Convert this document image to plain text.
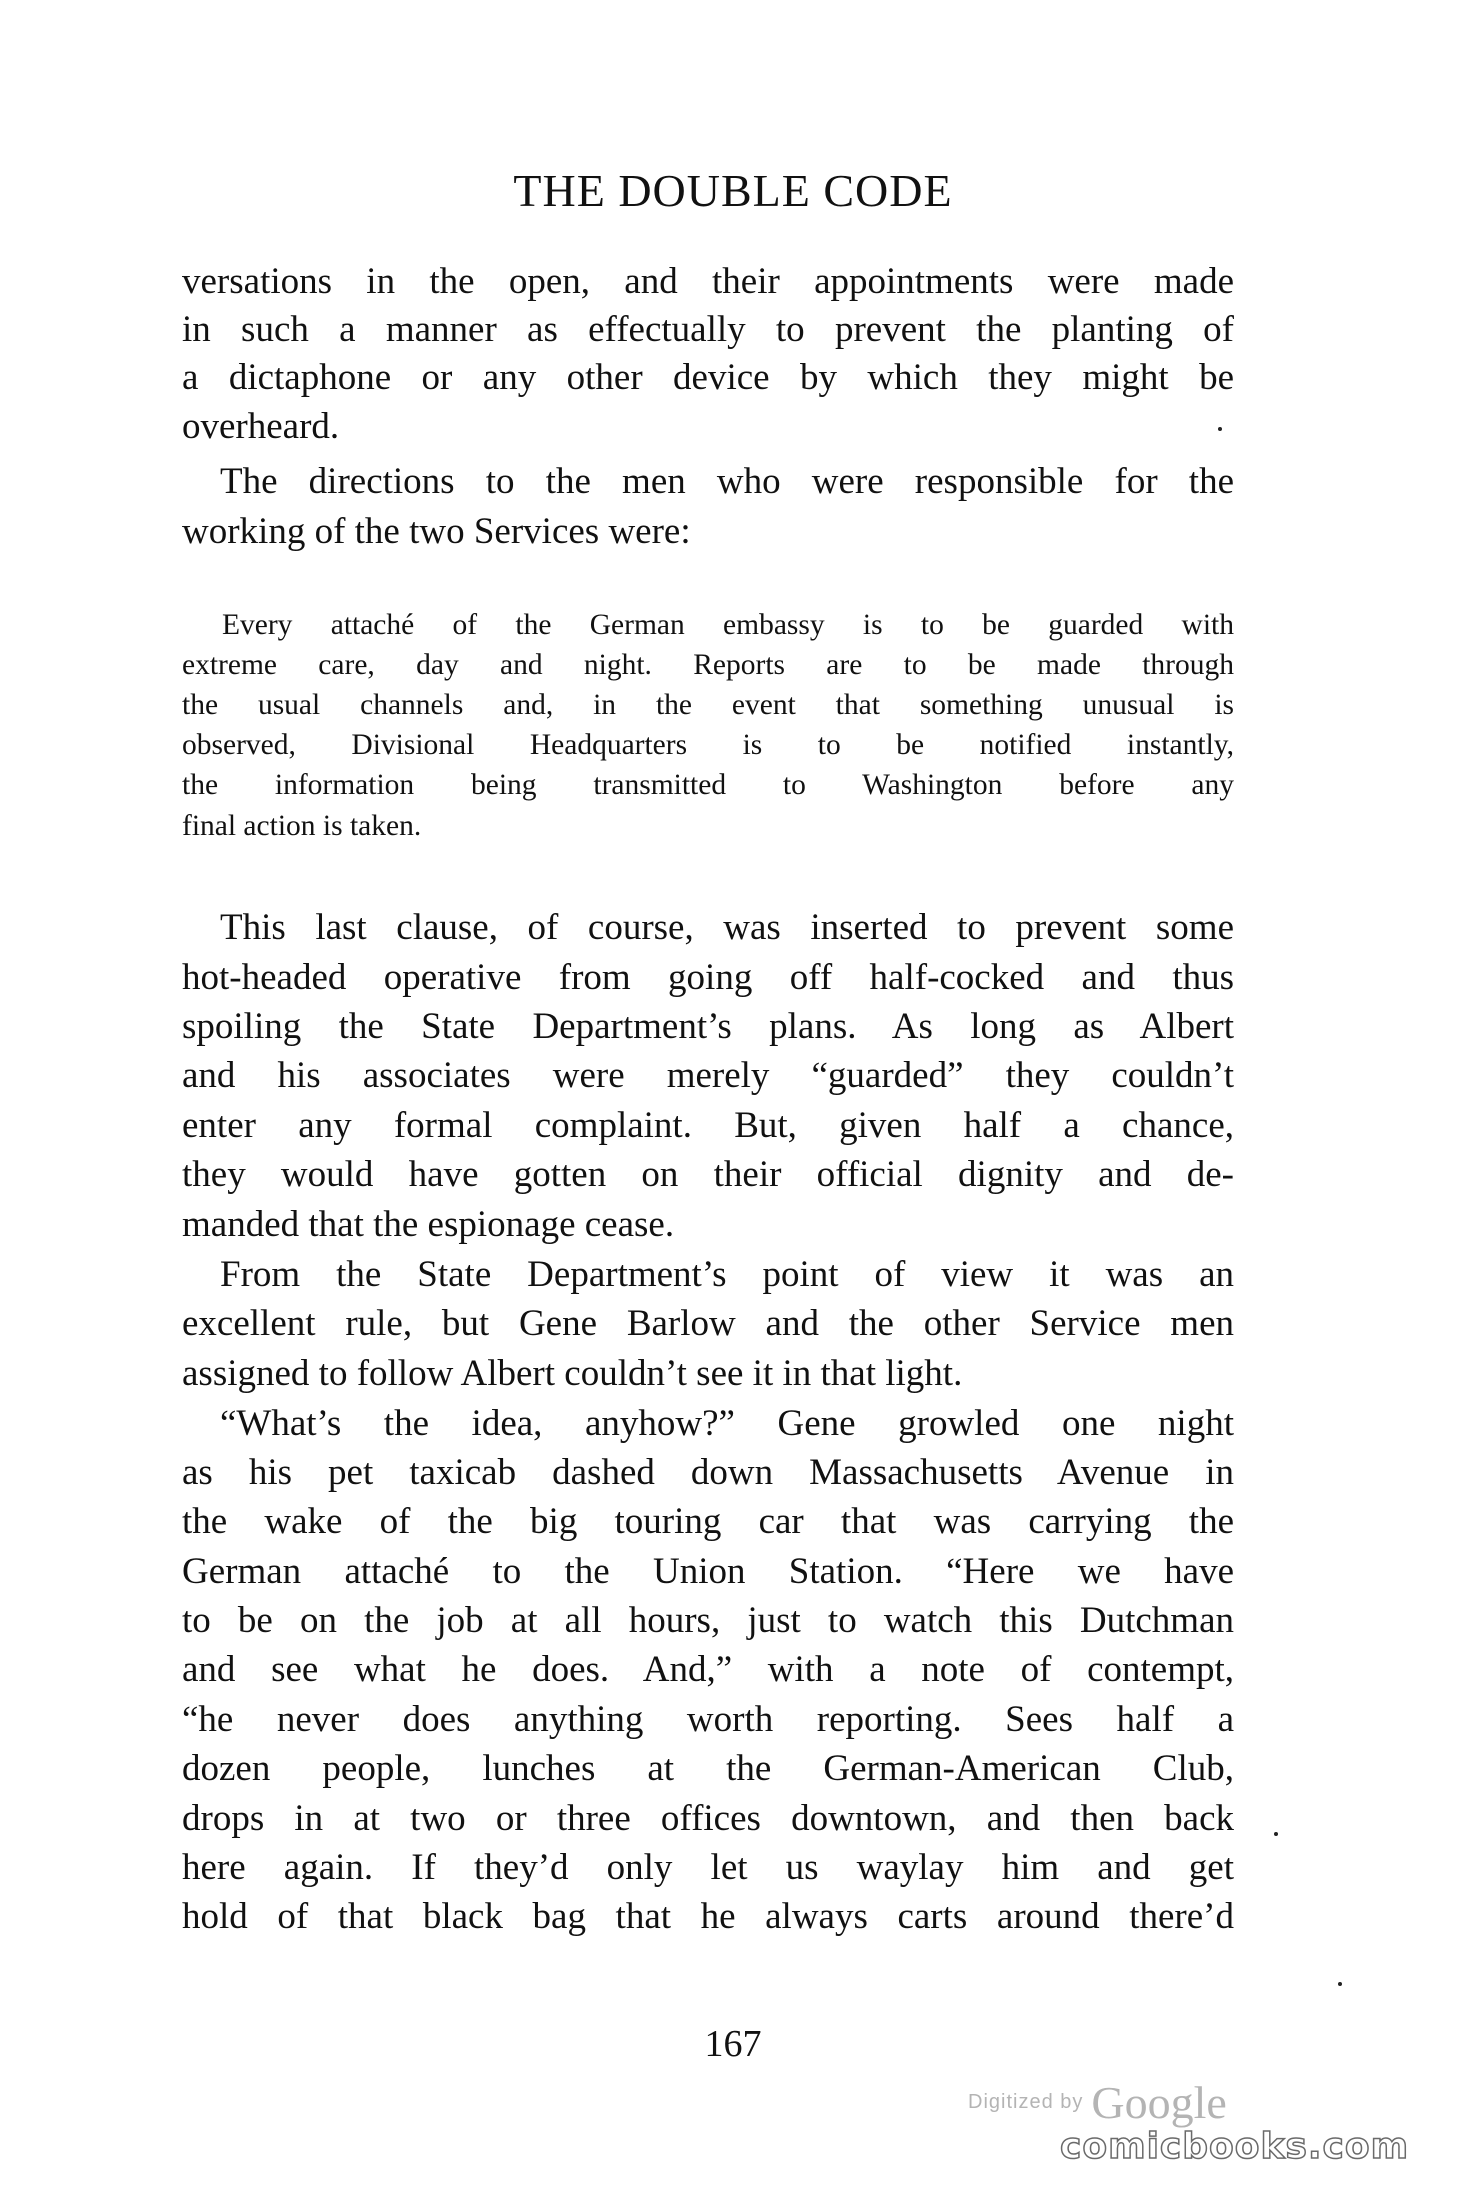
THE DOUBLE CODE
versations in the open, and their appointments were made
in such a manner as effectually to prevent the planting of
a dictaphone or any other device by which they might be
overheard.
The directions to the men who were responsible for the
working of the two Services were:
Every attaché of the German embassy is to be guarded with
extreme care, day and night. Reports are to be made through
the usual channels and, in the event that something unusual is
observed, Divisional Headquarters is to be notified instantly,
the information being transmitted to Washington before any
final action is taken.
This last clause, of course, was inserted to prevent some
hot-headed operative from going off half-cocked and thus
spoiling the State Department’s plans. As long as Albert
and his associates were merely “guarded” they couldn’t
enter any formal complaint. But, given half a chance,
they would have gotten on their official dignity and de-
manded that the espionage cease.
From the State Department’s point of view it was an
excellent rule, but Gene Barlow and the other Service men
assigned to follow Albert couldn’t see it in that light.
“What’s the idea, anyhow?” Gene growled one night
as his pet taxicab dashed down Massachusetts Avenue in
the wake of the big touring car that was carrying the
German attaché to the Union Station. “Here we have
to be on the job at all hours, just to watch this Dutchman
and see what he does. And,” with a note of contempt,
“he never does anything worth reporting. Sees half a
dozen people, lunches at the German-American Club,
drops in at two or three offices downtown, and then back
here again. If they’d only let us waylay him and get
hold of that black bag that he always carts around there’d
167
Digitized by Google
comicbooks.com
